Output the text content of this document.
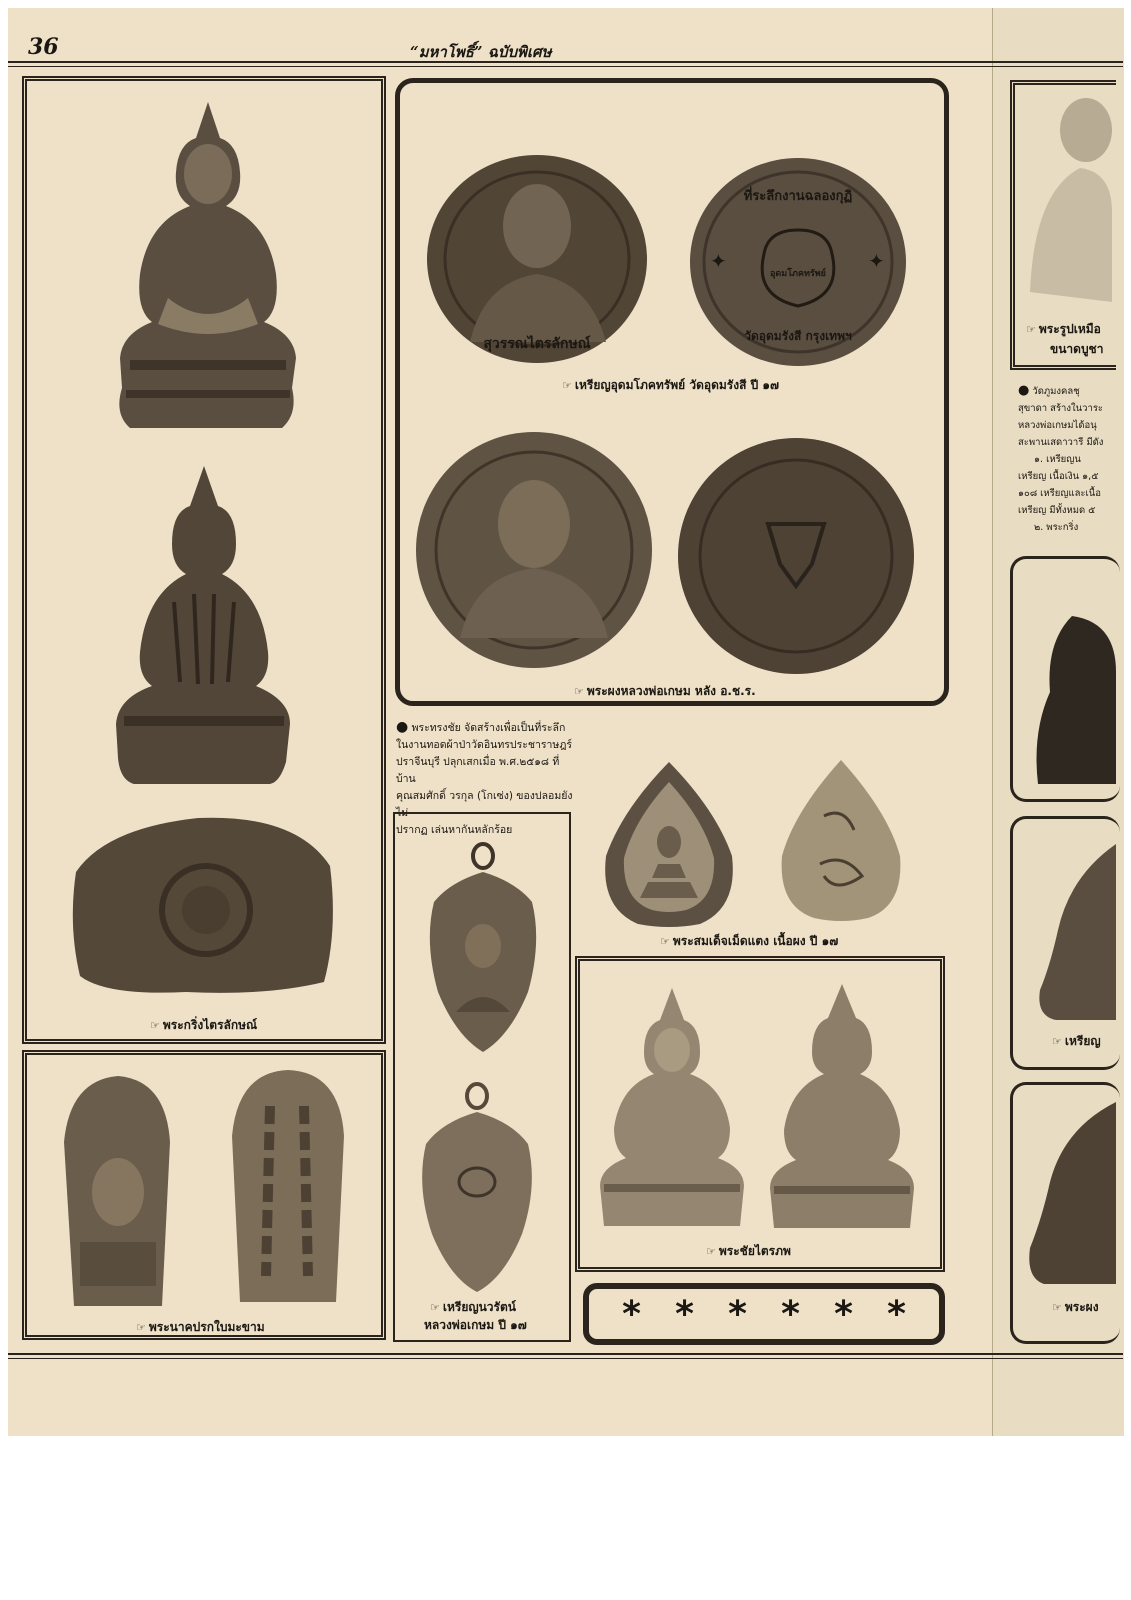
36	“มหาโพธิ์” ฉบับพิเศษ
☞ พระกริ่งไตรลักษณ์
☞ พระนาคปรกใบมะขาม
สุวรรณไตรลักษณ์
ที่ระลึกงานฉลองกุฏิ
อุดมโภคทรัพย์
วัดอุดมรังสี กรุงเทพฯ
✦	✦
☞ เหรียญอุดมโภคทรัพย์ วัดอุดมรังสี ปี ๑๗
☞ พระผงหลวงพ่อเกษม หลัง อ.ช.ร.
● พระทรงชัย จัดสร้างเพื่อเป็นที่ระลึก
ในงานทอดผ้าป่าวัดอินทรประชาราษฎร์
ปราจีนบุรี ปลุกเสกเมื่อ พ.ศ.๒๕๑๘ ที่บ้าน
คุณสมศักดิ์ วรกุล (โกเซ่ง) ของปลอมยังไม่
ปรากฏ เล่นหากันหลักร้อย
☞ เหรียญนวรัตน์
หลวงพ่อเกษม ปี ๑๗
☞ พระสมเด็จเม็ดแตง เนื้อผง ปี ๑๗
☞ พระชัยไตรภพ
* * * * * *
☞ พระรูปเหมือ
ขนาดบูชา
● วัดภูมงคลชุ
สุขาดา สร้างในวาระ
หลวงพ่อเกษมได้อนุ
สะพานเสดาวารี มีดัง
๑. เหรียญน
เหรียญ เนื้อเงิน ๑,๕
๑๐๘ เหรียญและเนื้อ
เหรียญ มีทั้งหมด ๕
๒. พระกริ่ง
☞ เหรียญ
☞ พระผง
